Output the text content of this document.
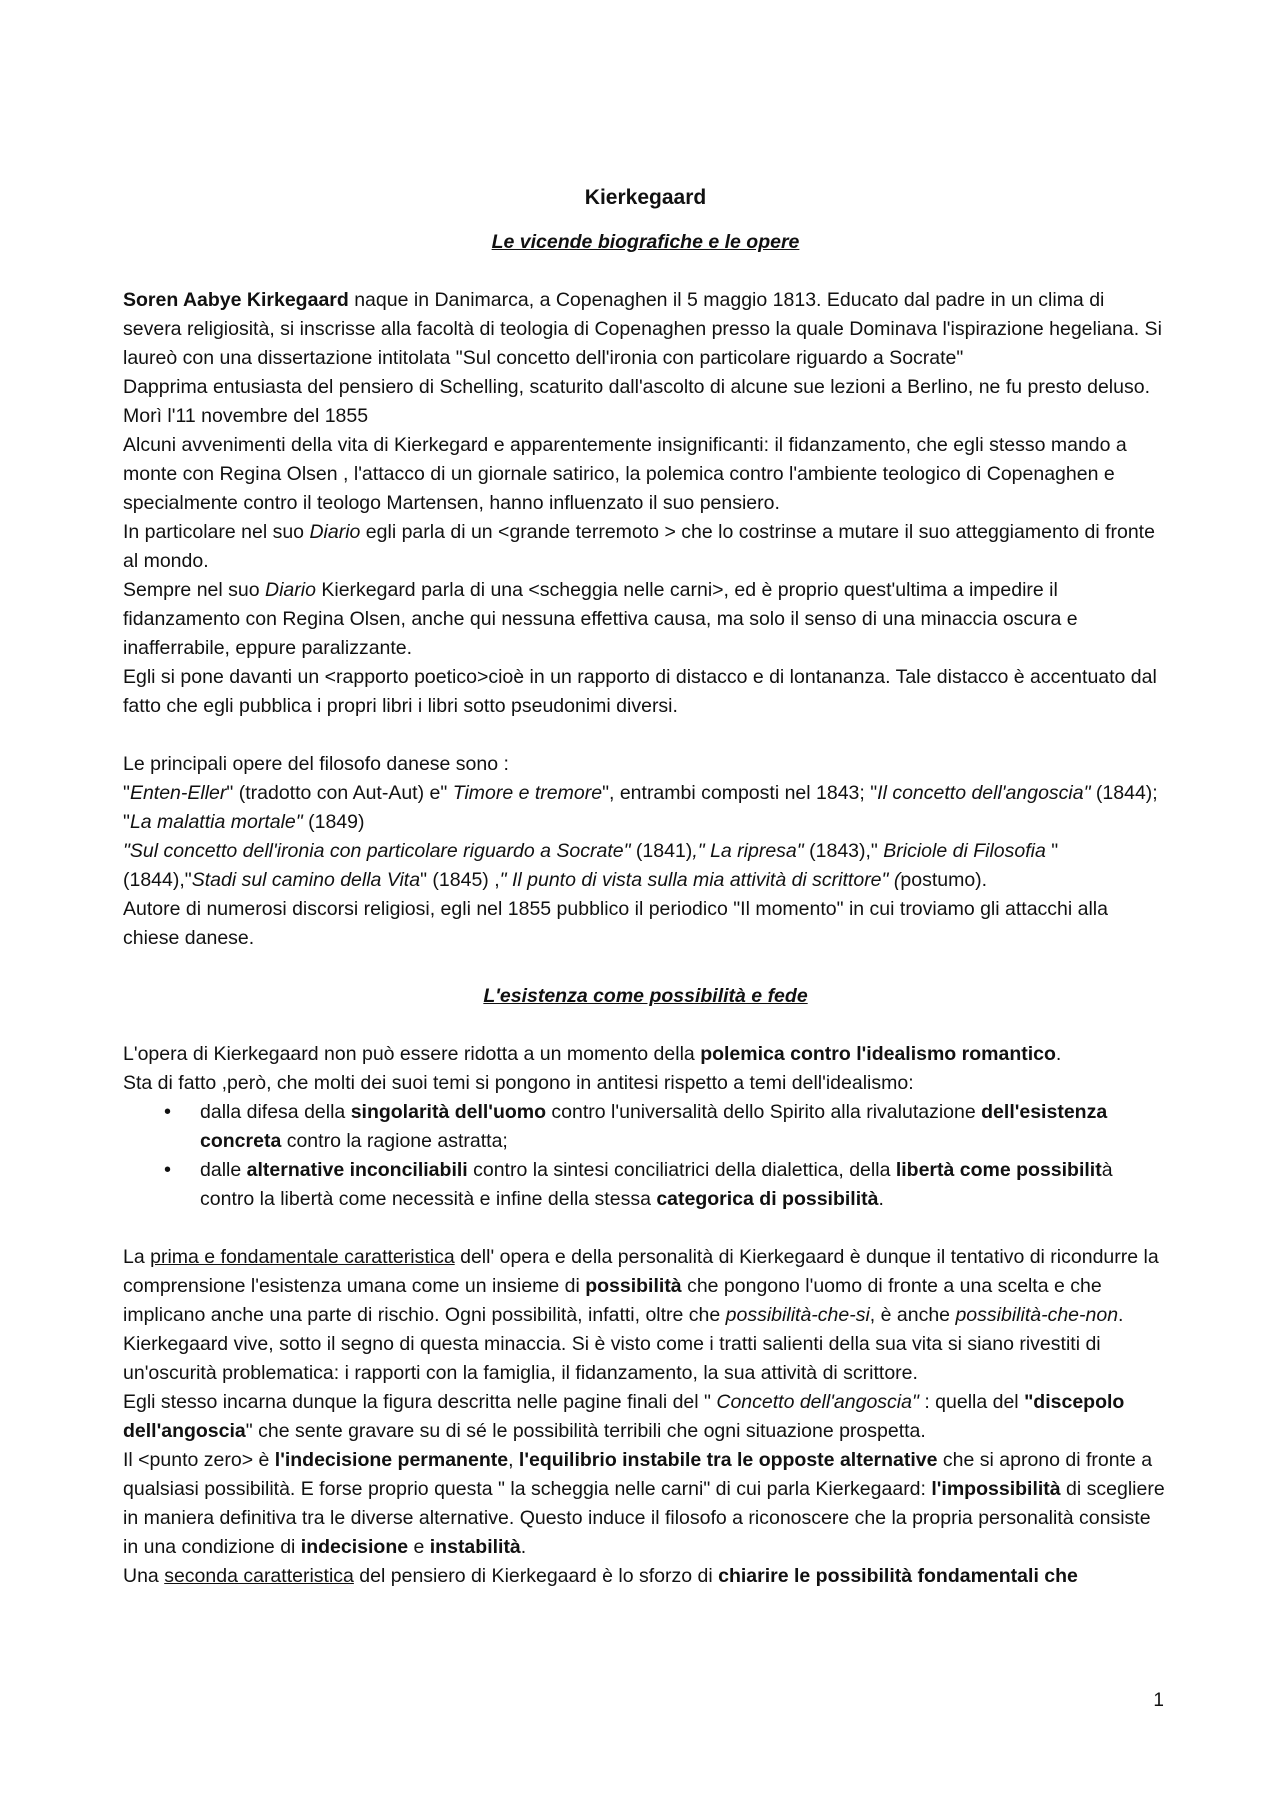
Kierkegaard
Le vicende biografiche e le opere

Soren Aabye Kirkegaard naque in Danimarca, a Copenaghen il 5 maggio 1813. Educato dal padre in un clima di severa religiosità, si inscrisse alla facoltà di teologia di Copenaghen presso la quale Dominava l'ispirazione hegeliana. Si laureò con una dissertazione intitolata "Sul concetto dell'ironia con particolare riguardo a Socrate"

Dapprima entusiasta del pensiero di Schelling, scaturito dall'ascolto di alcune sue lezioni a Berlino, ne fu presto deluso. Morì l'11 novembre del 1855

Alcuni avvenimenti della vita di Kierkegard e apparentemente insignificanti: il fidanzamento, che egli stesso mando a monte con Regina Olsen , l'attacco di un giornale satirico, la polemica contro l'ambiente teologico di Copenaghen e specialmente contro il teologo Martensen, hanno influenzato il suo pensiero.

In particolare nel suo Diario egli parla di un <grande terremoto > che lo costrinse a mutare il suo atteggiamento di fronte al mondo.

Sempre nel suo Diario Kierkegard parla di una <scheggia nelle carni>, ed è proprio quest'ultima a impedire il fidanzamento con Regina Olsen, anche qui nessuna effettiva causa, ma solo il senso di una minaccia oscura e inafferrabile, eppure paralizzante.

Egli si pone davanti un <rapporto poetico>cioè in un rapporto di distacco e di lontananza. Tale distacco è accentuato dal fatto che egli pubblica i propri libri i libri sotto pseudonimi diversi.

Le principali opere del filosofo danese sono :

"Enten-Eller" (tradotto con Aut-Aut) e" Timore e tremore", entrambi composti nel 1843; "Il concetto dell'angoscia" (1844); "La malattia mortale" (1849)

"Sul concetto dell'ironia con particolare riguardo a Socrate" (1841)," La ripresa" (1843)," Briciole di Filosofia "(1844),"Stadi sul camino della Vita" (1845) ," Il punto di vista sulla mia attività di scrittore" (postumo).

Autore di numerosi discorsi religiosi, egli nel 1855 pubblico il periodico "Il momento" in cui troviamo gli attacchi alla chiese danese.

L'esistenza come possibilità e fede

L'opera di Kierkegaard non può essere ridotta a un momento della polemica contro l'idealismo romantico.

Sta di fatto ,però, che molti dei suoi temi si pongono in antitesi rispetto a temi dell'idealismo:

• dalla difesa della singolarità dell'uomo contro l'universalità dello Spirito alla rivalutazione dell'esistenza concreta contro la ragione astratta;
• dalle alternative inconciliabili contro la sintesi conciliatrici della dialettica, della libertà come possibilità contro la libertà come necessità e infine della stessa categorica di possibilità.

La prima e fondamentale caratteristica dell' opera e della personalità di Kierkegaard è dunque il tentativo di ricondurre la comprensione l'esistenza umana come un insieme di possibilità che pongono l'uomo di fronte a una scelta e che implicano anche una parte di rischio. Ogni possibilità, infatti, oltre che possibilità-che-si, è anche possibilità-che-non.

Kierkegaard vive, sotto il segno di questa minaccia. Si è visto come i tratti salienti della sua vita si siano rivestiti di un'oscurità problematica: i rapporti con la famiglia, il fidanzamento, la sua attività di scrittore.

Egli stesso incarna dunque la figura descritta nelle pagine finali del " Concetto dell'angoscia" : quella del "discepolo dell'angoscia" che sente gravare su di sé le possibilità terribili che ogni situazione prospetta.

Il <punto zero> è l'indecisione permanente, l'equilibrio instabile tra le opposte alternative che si aprono di fronte a qualsiasi possibilità. E forse proprio questa " la scheggia nelle carni" di cui parla Kierkegaard: l'impossibilità di scegliere in maniera definitiva tra le diverse alternative. Questo induce il filosofo a riconoscere che la propria personalità consiste in una condizione di indecisione e instabilità.

Una seconda caratteristica del pensiero di Kierkegaard è lo sforzo di chiarire le possibilità fondamentali che

1
